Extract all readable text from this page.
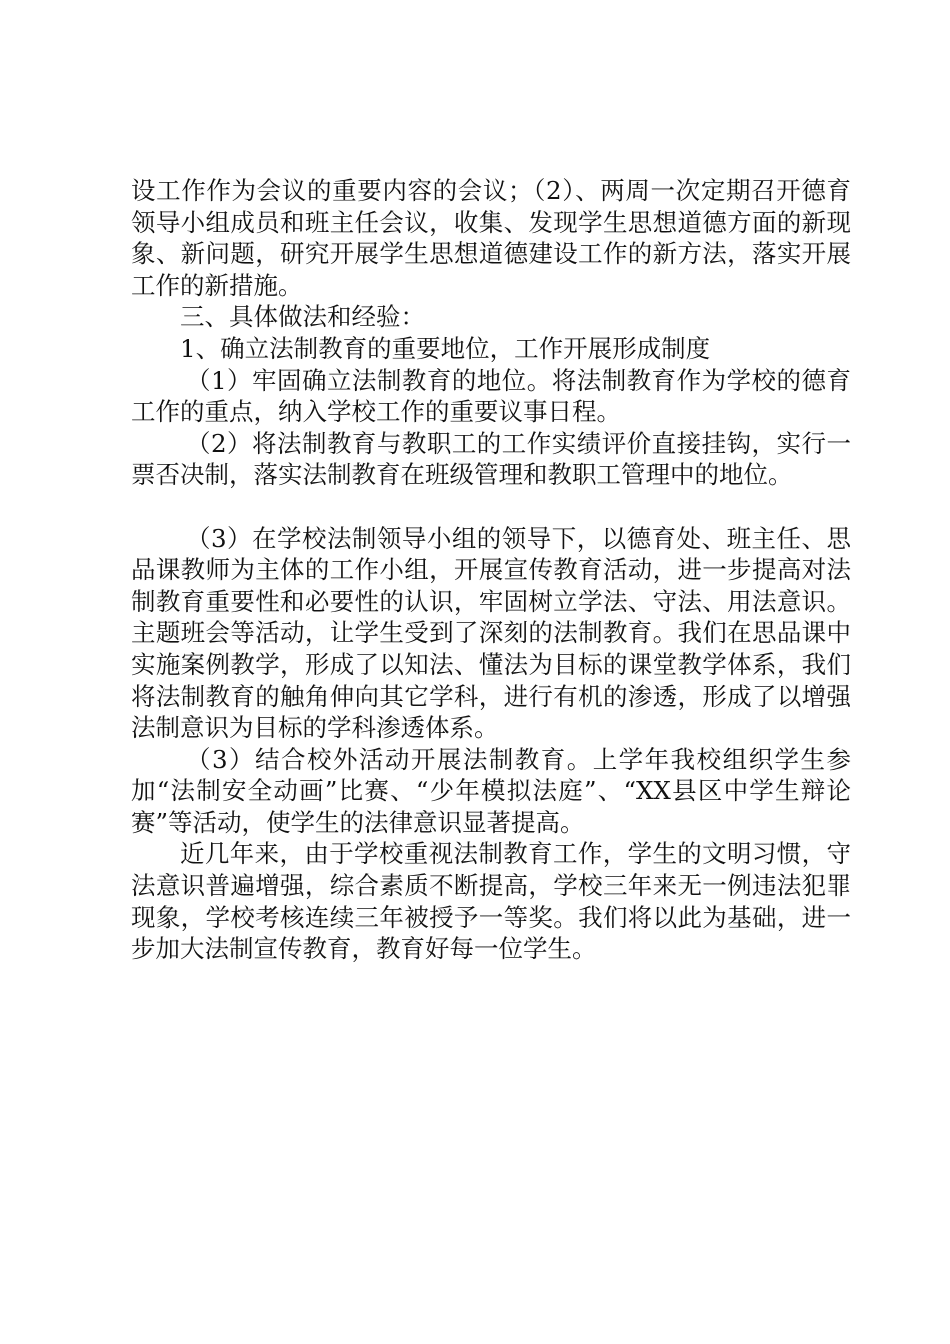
设工作作为会议的重要内容的会议；（2）、两周一次定期召开德育领导小组成员和班主任会议，收集、发现学生思想道德方面的新现象、新问题，研究开展学生思想道德建设工作的新方法，落实开展工作的新措施。

三、具体做法和经验：

1、确立法制教育的重要地位，工作开展形成制度

（1）牢固确立法制教育的地位。将法制教育作为学校的德育工作的重点，纳入学校工作的重要议事日程。

（2）将法制教育与教职工的工作实绩评价直接挂钩，实行一票否决制，落实法制教育在班级管理和教职工管理中的地位。

（3）在学校法制领导小组的领导下，以德育处、班主任、思品课教师为主体的工作小组，开展宣传教育活动，进一步提高对法制教育重要性和必要性的认识，牢固树立学法、守法、用法意识。主题班会等活动，让学生受到了深刻的法制教育。我们在思品课中实施案例教学，形成了以知法、懂法为目标的课堂教学体系，我们将法制教育的触角伸向其它学科，进行有机的渗透，形成了以增强法制意识为目标的学科渗透体系。

（3）结合校外活动开展法制教育。上学年我校组织学生参加“法制安全动画”比赛、“少年模拟法庭”、“XX县区中学生辩论赛”等活动，使学生的法律意识显著提高。

近几年来，由于学校重视法制教育工作，学生的文明习惯，守法意识普遍增强，综合素质不断提高，学校三年来无一例违法犯罪现象，学校考核连续三年被授予一等奖。我们将以此为基础，进一步加大法制宣传教育，教育好每一位学生。
